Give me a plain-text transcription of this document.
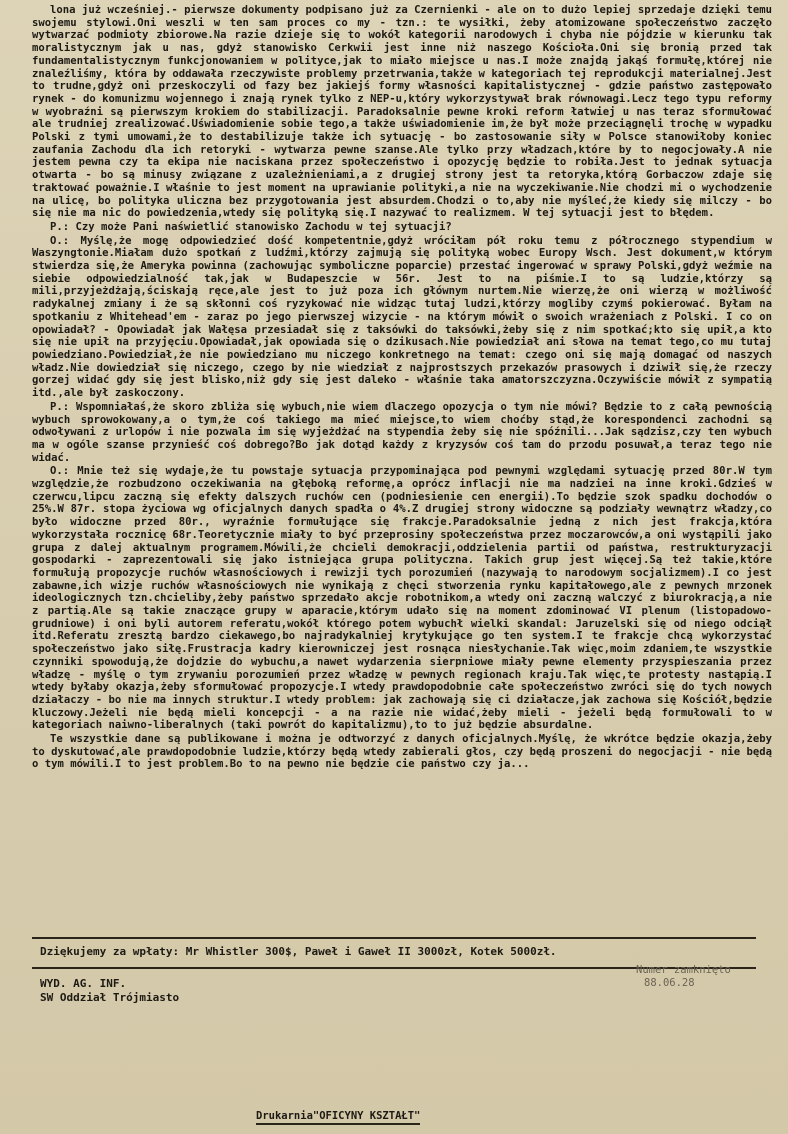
lona już wcześniej.- pierwsze dokumenty podpisano już za Czernienki - ale on to dużo lepiej sprzedaje dzięki temu swojemu stylowi.Oni weszli w ten sam proces co my - tzn.: te wysiłki, żeby atomizowane społeczeństwo zaczęło wytwarzać podmioty zbiorowe.Na razie dzieje się to wokół kategorii narodowych i chyba nie pójdzie w kierunku tak moralistycznym jak u nas, gdyż stanowisko Cerkwii jest inne niż naszego Kościoła.Oni się bronią przed tak fundamentalistycznym funkcjonowaniem w polityce,jak to miało miejsce u nas.I może znajdą jakąś formułę,której nie znaleźliśmy, która by oddawała rzeczywiste problemy przetrwania,także w kategoriach tej reprodukcji materialnej.Jest to trudne,gdyż oni przeskoczyli od fazy bez jakiejś formy własności kapitalistycznej - gdzie państwo zastępowało rynek - do komunizmu wojennego i znają rynek tylko z NEP-u,który wykorzystywał brak równowagi.Lecz tego typu reformy w wyobraźni są pierwszym krokiem do stabilizacji. Paradoksalnie pewne kroki reform łatwiej u nas teraz sformułować ale trudniej zrealizować.Uświadomienie sobie tego,a także uświadomienie im,że był może przeciągnęli trochę w wypadku Polski z tymi umowami,że to destabilizuje także ich sytuację - bo zastosowanie siły w Polsce stanowiłoby koniec zaufania Zachodu dla ich retoryki - wytwarza pewne szanse.Ale tylko przy władzach,które by to negocjowały.A nie jestem pewna czy ta ekipa nie naciskana przez społeczeństwo i opozycję będzie to robiła.Jest to jednak sytuacja otwarta - bo są minusy związane z uzależnieniami,a z drugiej strony jest ta retoryka,którą Gorbaczow zdaje się traktować poważnie.I właśnie to jest moment na uprawianie polityki,a nie na wyczekiwanie.Nie chodzi mi o wychodzenie na ulicę, bo polityka uliczna bez przygotowania jest absurdem.Chodzi o to,aby nie myśleć,że kiedy się milczy - bo się nie ma nic do powiedzenia,wtedy się polityką się.I nazywać to realizmem. W tej sytuacji jest to błędem.

P.: Czy może Pani naświetlić stanowisko Zachodu w tej sytuacji?

O.: Myślę,że mogę odpowiedzieć dość kompetentnie,gdyż wróciłam pół roku temu z półrocznego stypendium w Waszyngtonie.Miałam dużo spotkań z ludźmi,którzy zajmują się polityką wobec Europy Wsch. Jest dokument,w którym stwierdza się,że Ameryka powinna (zachowując symboliczne poparcie) przestać ingerować w sprawy Polski,gdyż weźmie na siebie odpowiedzialność tak,jak w Budapeszcie w 56r. Jest to na piśmie.I to są ludzie,którzy są mili,przyjeżdżają,ściskają ręce,ale jest to już poza ich głównym nurtem.Nie wierzę,że oni wierzą w możliwość radykalnej zmiany i że są skłonni coś ryzykować nie widząc tutaj ludzi,którzy mogliby czymś pokierować. Byłam na spotkaniu z Whitehead'em - zaraz po jego pierwszej wizycie - na którym mówił o swoich wrażeniach z Polski. I co on opowiadał? - Opowiadał jak Wałęsa przesiadał się z taksówki do taksówki,żeby się z nim spotkać;kto się upił,a kto się nie upił na przyjęciu.Opowiadał,jak opowiada się o dzikusach.Nie powiedział ani słowa na temat tego,co mu tutaj powiedziano.Powiedział,że nie powiedziano mu niczego konkretnego na temat: czego oni się mają domagać od naszych władz.Nie dowiedział się niczego, czego by nie wiedział z najprostszych przekazów prasowych i dziwił się,że rzeczy gorzej widać gdy się jest blisko,niż gdy się jest daleko - właśnie taka amatorszczyzna.Oczywiście mówił z sympatią itd.,ale był zaskoczony.

P.: Wspomniałaś,że skoro zbliża się wybuch,nie wiem dlaczego opozycja o tym nie mówi? Będzie to z całą pewnością wybuch sprowokowany,a o tym,że coś takiego ma mieć miejsce,to wiem choćby stąd,że korespondenci zachodni są odwoływani z urlopów i nie pozwala im się wyjeżdżać na stypendia żeby się nie spóźnili...Jak sądzisz,czy ten wybuch ma w ogóle szanse przynieść coś dobrego?Bo jak dotąd każdy z kryzysów coś tam do przodu posuwał,a teraz tego nie widać.

O.: Mnie też się wydaje,że tu powstaje sytuacja przypominająca pod pewnymi względami sytuację przed 80r.W tym względzie,że rozbudzono oczekiwania na głęboką reformę,a oprócz inflacji nie ma nadziei na inne kroki.Gdzieś w czerwcu,lipcu zaczną się efekty dalszych ruchów cen (podniesienie cen energii).To będzie szok spadku dochodów o 25%.W 87r. stopa życiowa wg oficjalnych danych spadła o 4%.Z drugiej strony widoczne są podziały wewnątrz władzy,co było widoczne przed 80r., wyraźnie formułujące się frakcje.Paradoksalnie jedną z nich jest frakcja,która wykorzystała rocznicę 68r.Teoretycznie miały to być przeprosiny społeczeństwa przez moczarowców,a oni wystąpili jako grupa z dalej aktualnym programem.Mówili,że chcieli demokracji,oddzielenia partii od państwa, restrukturyzacji gospodarki - zaprezentowali się jako istniejąca grupa polityczna. Takich grup jest więcej.Są też takie,które formułują propozycje ruchów własnościowych i rewizji tych porozumień (nazywają to narodowym socjalizmem).I co jest zabawne,ich wizje ruchów własnościowych nie wynikają z chęci stworzenia rynku kapitałowego,ale z pewnych mrzonek ideologicznych tzn.chcieliby,żeby państwo sprzedało akcje robotnikom,a wtedy oni zaczną walczyć z biurokracją,a nie z partią.Ale są takie znaczące grupy w aparacie,którym udało się na moment zdominować VI plenum (listopadowo-grudniowe) i oni byli autorem referatu,wokół którego potem wybuchł wielki skandal: Jaruzelski się od niego odciął itd.Referatu zresztą bardzo ciekawego,bo najradykalniej krytykujące go ten system.I te frakcje chcą wykorzystać społeczeństwo jako siłę.Frustracja kadry kierowniczej jest rosnąca niesłychanie.Tak więc,moim zdaniem,te wszystkie czynniki spowodują,że dojdzie do wybuchu,a nawet wydarzenia sierpniowe miały pewne elementy przyspieszania przez władzę - myślę o tym zrywaniu porozumień przez władzę w pewnych regionach kraju.Tak więc,te protesty nastąpią.I wtedy byłaby okazja,żeby sformułować propozycje.I wtedy prawdopodobnie całe społeczeństwo zwróci się do tych nowych działaczy - bo nie ma innych struktur.I wtedy problem: jak zachowają się ci działacze,jak zachowa się Kościół,będzie kluczowy.Jeżeli nie będą mieli koncepcji - a na razie nie widać,żeby mieli - jeżeli będą formułowali to w kategoriach naiwno-liberalnych (taki powrót do kapitalizmu),to to już będzie absurdalne.

Te wszystkie dane są publikowane i można je odtworzyć z danych oficjalnych.Myślę, że wkrótce będzie okazja,żeby to dyskutować,ale prawdopodobnie ludzie,którzy będą wtedy zabierali głos, czy będą proszeni do negocjacji - nie będą o tym mówili.I to jest problem.Bo to na pewno nie będzie cie państwo czy ja...

Dziękujemy za wpłaty: Mr Whistler 300$, Paweł i Gaweł II 3000zł, Kotek 5000zł.
WYD. AG. INF.
SW Oddział Trójmiasto
Numer zamknięto
88.06.28
Drukarnia"OFICYNY KSZTAŁT"
